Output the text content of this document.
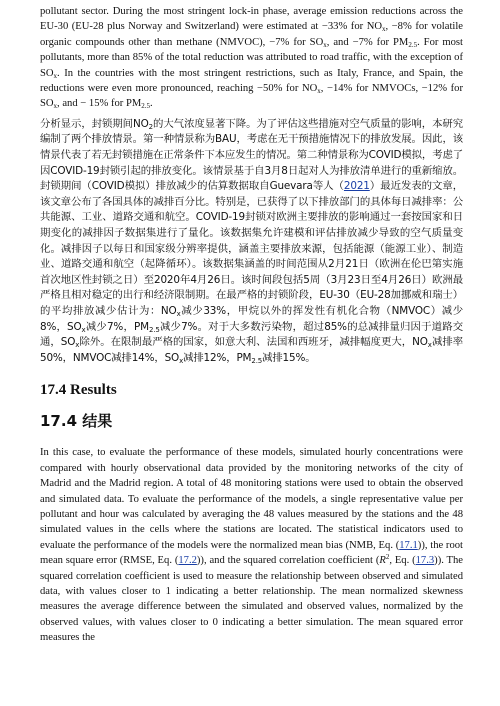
pollutant sector. During the most stringent lock-in phase, average emission reductions across the EU-30 (EU-28 plus Norway and Switzerland) were estimated at −33% for $NO_x$, −8% for volatile organic compounds other than methane (NMVOC), −7% for $SO_x$, and −7% for $PM_{2.5}$. For most pollutants, more than 85% of the total reduction was attributed to road traffic, with the exception of $SO_x$. In the countries with the most stringent restrictions, such as Italy, France, and Spain, the reductions were even more pronounced, reaching −50% for $NO_x$, −14% for NMVOCs, −12% for $SO_x$, and − 15% for $PM_{2.5}$.

分析显示，封锁期间$NO_2$的大气浓度显著下降。为了评估这些措施对空气质量的影响，本研究编制了两个排放情景。第一种情景称为BAU，考虑在无干预措施情况下的排放发展。因此，该情景代表了若无封锁措施在正常条件下本应发生的情况。第二种情景称为COVID模拟，考虑了因COVID-19封锁引起的排放变化。该情景基于自3月8日起对人为排放清单进行的重新缩放。封锁期间（COVID模拟）排放减少的估算数据取自Guevara等人（2021）最近发表的文章，该文章公布了各国具体的减排百分比。特别是，已获得了以下排放部门的具体每日减排率：公共能源、工业、道路交通和航空。COVID-19封锁对欧洲主要排放的影响通过一套按国家和日期变化的减排因子数据集进行了量化。该数据集允许建模和评估排放减少导致的空气质量变化。减排因子以每日和国家级分辨率提供，涵盖主要排放来源，包括能源（能源工业）、制造业、道路交通和航空（起降循环）。该数据集涵盖的时间范围从2月21日（欧洲在伦巴第实施首次地区性封锁之日）至2020年4月26日。该时间段包括5周（3月23日至4月26日）欧洲最严格且相对稳定的出行和经济限制期。在最严格的封锁阶段，EU-30（EU-28加挪威和瑞士）的平均排放减少估计为：$NO_x$减少33%，甲烷以外的挥发性有机化合物（NMVOC）减少8%，$SO_x$减少7%，$PM_{2.5}$减少7%。对于大多数污染物，超过85%的总减排量归因于道路交通，$SO_x$除外。在限制最严格的国家，如意大利、法国和西班牙，减排幅度更大，$NO_x$减排率50%，NMVOC减排14%，$SO_x$减排12%，$PM_{2.5}$减排15%。

17.4 Results
17.4 结果

In this case, to evaluate the performance of these models, simulated hourly concentrations were compared with hourly observational data provided by the monitoring networks of the city of Madrid and the Madrid region. A total of 48 monitoring stations were used to obtain the observed and simulated data. To evaluate the performance of the models, a single representative value per pollutant and hour was calculated by averaging the 48 values measured by the stations and the 48 simulated values in the cells where the stations are located. The statistical indicators used to evaluate the performance of the models were the normalized mean bias (NMB, Eq. (17.1)), the root mean square error (RMSE, Eq. (17.2)), and the squared correlation coefficient ($R^2$, Eq. (17.3)). The squared correlation coefficient is used to measure the relationship between observed and simulated data, with values closer to 1 indicating a better relationship. The mean normalized skewness measures the average difference between the simulated and observed values, normalized by the observed values, with values closer to 0 indicating a better simulation. The mean squared error measures the
